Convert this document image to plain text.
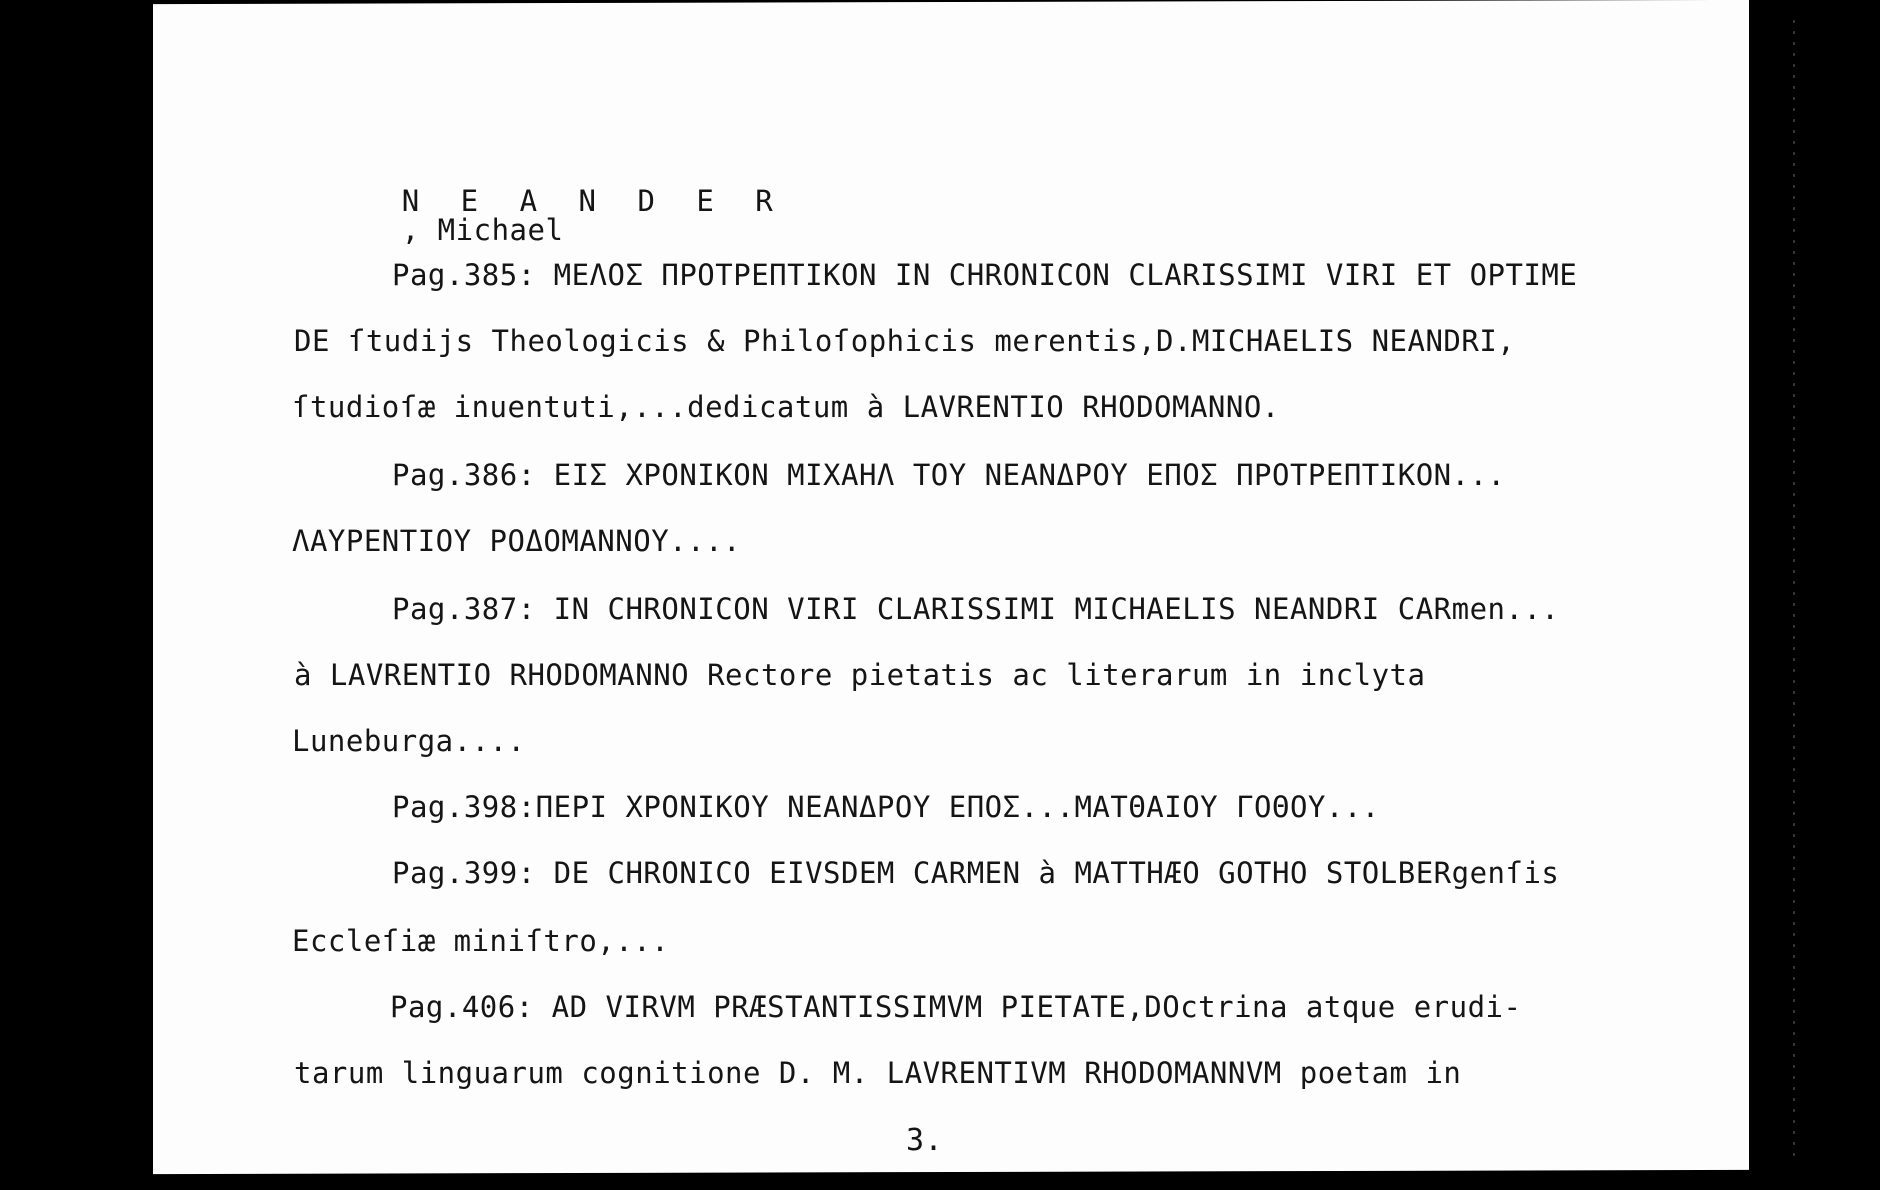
N E A N D E R
, Michael

Pag.385: ΜΕΛΟΣ ΠΡΟΤΡΕΠΤΙΚΟΝ IN CHRONICON CLARISSIMI VIRI ET OPTIME
DE ſtudijs Theologicis & Philoſophicis merentis,D.MICHAELIS NEANDRI,
ſtudioſæ inuentuti,...dedicatum à LAVRENTIO RHODOMANNO.
Pag.386: ΕΙΣ ΧΡΟΝΙΚΟΝ ΜΙΧΑΗΛ ΤΟΥ ΝΕΑΝΔΡΟΥ ΕΠΟΣ ΠΡΟΤΡΕΠΤΙΚΟΝ...
ΛΑΥΡΕΝΤΙΟΥ ΡΟΔΟΜΑΝΝΟΥ....
Pag.387: IN CHRONICON VIRI CLARISSIMI MICHAELIS NEANDRI CARmen...
à LAVRENTIO RHODOMANNO Rectore pietatis ac literarum in inclyta
Luneburga....
Pag.398:ΠΕΡΙ ΧΡΟΝΙΚΟΥ ΝΕΑΝΔΡΟΥ ΕΠΟΣ...ΜΑΤΘΑΙΟΥ ΓΟΘΟΥ...
Pag.399: DE CHRONICO EIVSDEM CARMEN à MATTHÆO GOTHO STOLBERgenſis
Eccleſiæ miniſtro,...
Pag.406: AD VIRVM PRÆSTANTISSIMVM PIETATE,DOctrina atque erudi-
tarum linguarum cognitione D. M. LAVRENTIVM RHODOMANNVM poetam in
3.
